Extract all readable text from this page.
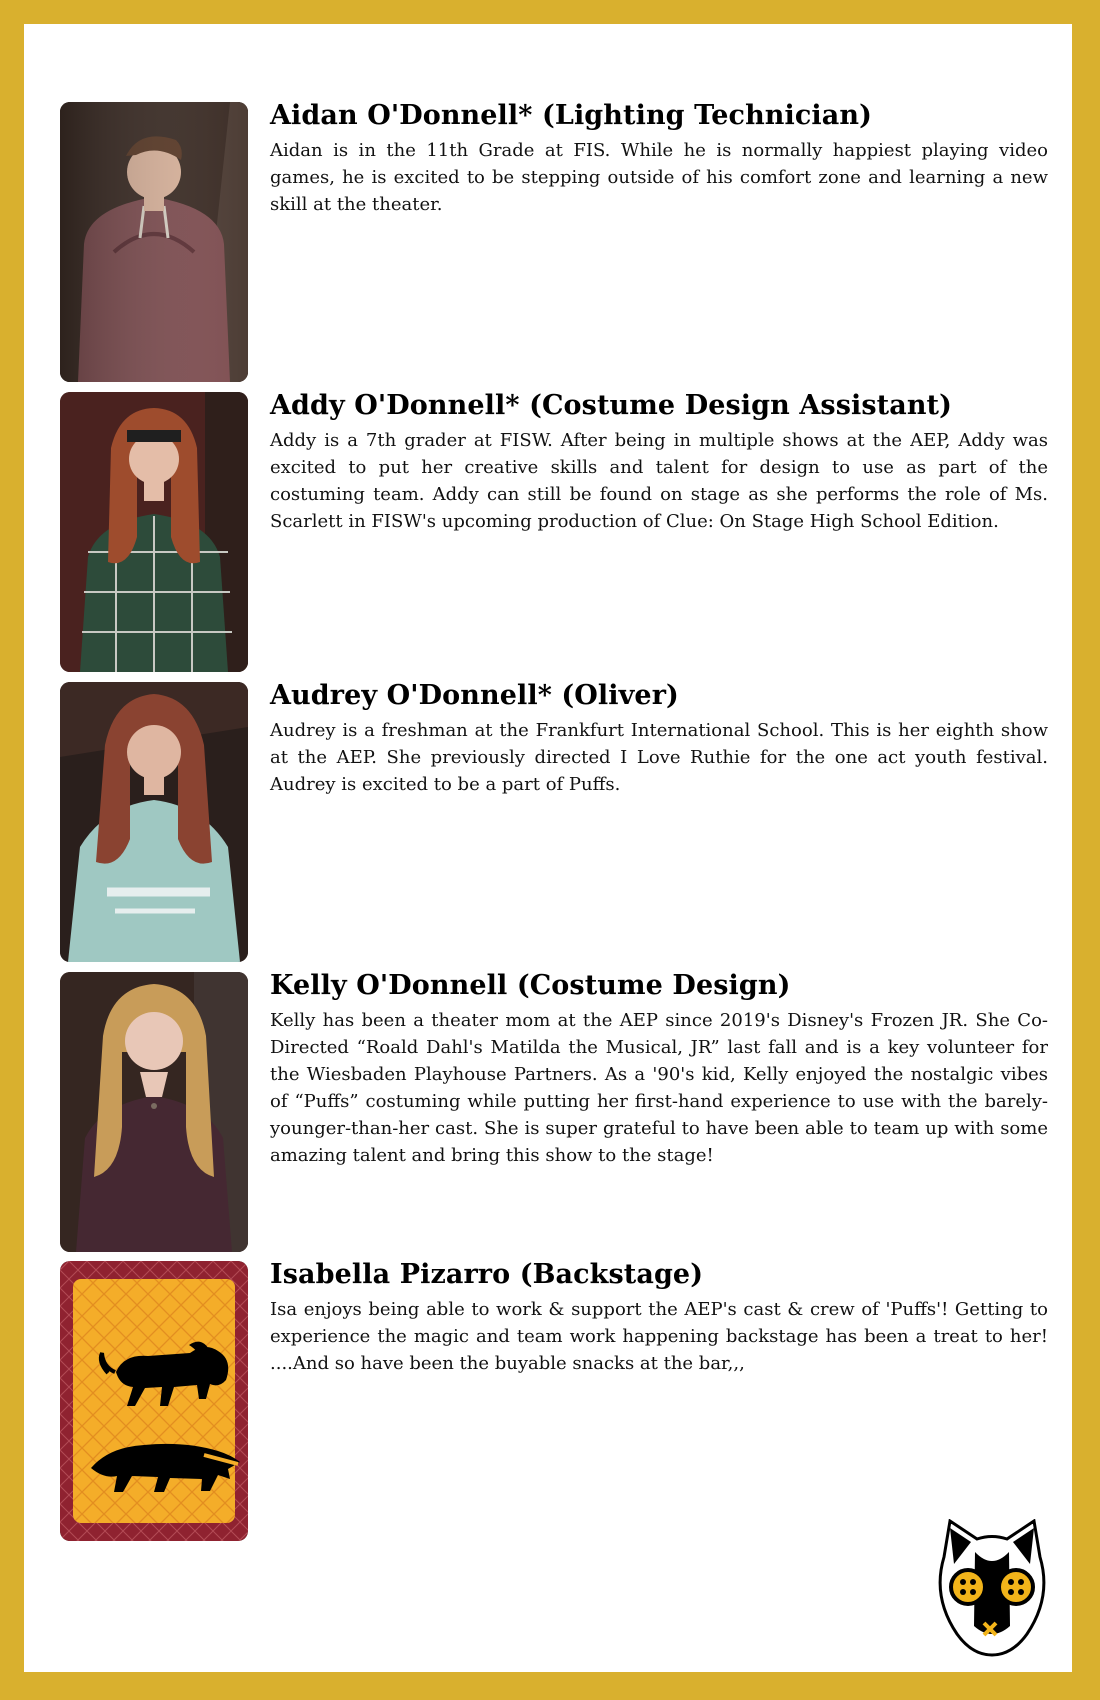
Aidan O'Donnell* (Lighting Technician)

Aidan is in the 11th Grade at FIS. While he is normally happiest playing video games, he is excited to be stepping outside of his comfort zone and learning a new skill at the theater.

Addy O'Donnell* (Costume Design Assistant)

Addy is a 7th grader at FISW. After being in multiple shows at the AEP, Addy was excited to put her creative skills and talent for design to use as part of the costuming team. Addy can still be found on stage as she performs the role of Ms. Scarlett in FISW's upcoming production of Clue: On Stage High School Edition.

Audrey O'Donnell* (Oliver)

Audrey is a freshman at the Frankfurt International School. This is her eighth show at the AEP. She previously directed I Love Ruthie for the one act youth festival. Audrey is excited to be a part of Puffs.

Kelly O'Donnell (Costume Design)

Kelly has been a theater mom at the AEP since 2019's Disney's Frozen JR. She Co-Directed “Roald Dahl's Matilda the Musical, JR” last fall and is a key volunteer for the Wiesbaden Playhouse Partners. As a '90's kid, Kelly enjoyed the nostalgic vibes of “Puffs” costuming while putting her first-hand experience to use with the barely-younger-than-her cast. She is super grateful to have been able to team up with some amazing talent and bring this show to the stage!

Isabella Pizarro (Backstage)

Isa enjoys being able to work & support the AEP's cast & crew of 'Puffs'! Getting to experience the magic and team work happening backstage has been a treat to her! ....And so have been the buyable snacks at the bar,,,
